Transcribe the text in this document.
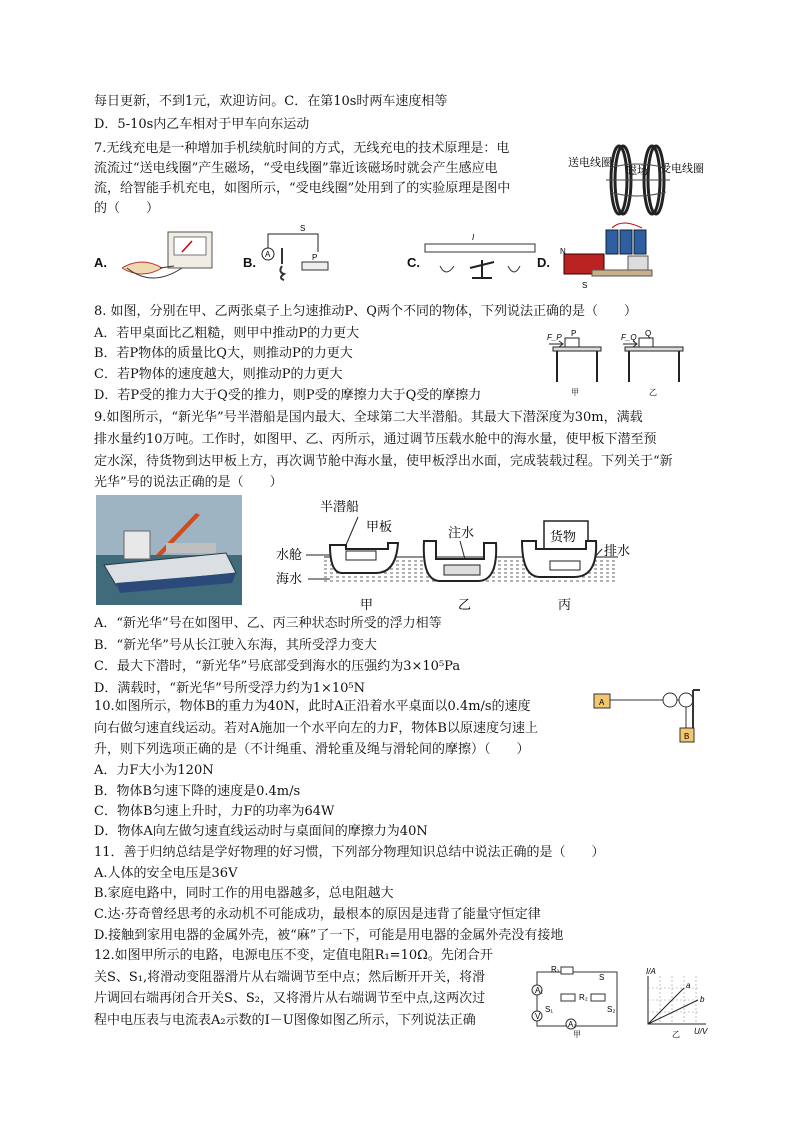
每日更新，不到1元，欢迎访问。C．在第10s时两车速度相等
D．5-10s内乙车相对于甲车向东运动
7.无线充电是一种增加手机续航时间的方式，无线充电的技术原理是：电
流流过“送电线圈”产生磁场，“受电线圈”靠近该磁场时就会产生感应电
流，给智能手机充电，如图所示，“受电线圈”处用到了的实验原理是图中
的（　　）
送电线圈	受电线圈
磁场
A.	B.
A
S
P	C.
I
D.
N
S
8. 如图，分别在甲、乙两张桌子上匀速推动P、Q两个不同的物体，下列说法正确的是（　　）
A．若甲桌面比乙粗糙，则甲中推动P的力更大
B．若P物体的质量比Q大，则推动P的力更大
C．若P物体的速度越大，则推动P的力更大
D．若P受的推力大于Q受的推力，则P受的摩擦力大于Q受的摩擦力
F_P P
甲
F_Q Q
乙
9.如图所示，“新光华”号半潜船是国内最大、全球第二大半潜船。其最大下潜深度为30m，满载
排水量约10万吨。工作时，如图甲、乙、丙所示，通过调节压载水舱中的海水量，使甲板下潜至预
定水深，待货物到达甲板上方，再次调节舱中海水量，使甲板浮出水面，完成装载过程。下列关于“新
光华”号的说法正确的是（　　）
半潜船
甲板
水舱
海水
注水	货物
排水
甲	乙	丙
A．“新光华”号在如图甲、乙、丙三种状态时所受的浮力相等
B．“新光华”号从长江驶入东海，其所受浮力变大
C．最大下潜时，“新光华”号底部受到海水的压强约为3×10⁵Pa
D．满载时，“新光华”号所受浮力约为1×10⁵N
10.如图所示，物体B的重力为40N，此时A正沿着水平桌面以0.4m/s的速度
向右做匀速直线运动。若对A施加一个水平向左的力F，物体B以原速度匀速上
升，则下列选项正确的是（不计绳重、滑轮重及绳与滑轮间的摩擦）（　　）
A
B
A．力F大小为120N
B．物体B匀速下降的速度是0.4m/s
C．物体B匀速上升时，力F的功率为64W
D．物体A向左做匀速直线运动时与桌面间的摩擦力为40N
11．善于归纳总结是学好物理的好习惯，下列部分物理知识总结中说法正确的是（　　）
A.人体的安全电压是36V
B.家庭电路中，同时工作的用电器越多，总电阻越大
C.达·芬奇曾经思考的永动机不可能成功，最根本的原因是违背了能量守恒定律
D.接触到家用电器的金属外壳，被“麻”了一下，可能是用电器的金属外壳没有接地
12.如图甲所示的电路，电源电压不变，定值电阻R₁=10Ω。先闭合开
关S、S₁,将滑动变阻器滑片从右端调节至中点；然后断开开关，将滑
片调回右端再闭合开关S、S₂，又将滑片从右端调节至中点,这两次过
程中电压表与电流表A₂示数的I－U图像如图乙所示，下列说法正确
R₁
S
A₁
R₂
S₁	S₂
V
A₂
甲
I/A
a
b
U/V
乙
